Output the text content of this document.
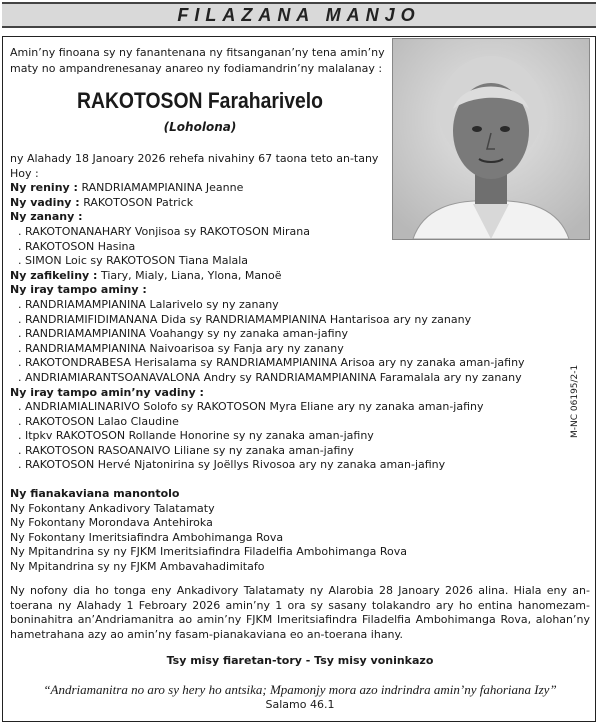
FILAZANA MANJO
Amin’ny finoana sy ny fanantenana ny fitsanganan’ny tena amin’ny maty no ampandrenesanay anareo ny fodiamandrin’ny malalanay :
RAKOTOSON Faraharivelo
(Loholona)
ny Alahady 18 Janoary 2026 rehefa nivahiny 67 taona teto an-tany
Hoy :
Ny reniny : RANDRIAMAMPIANINA Jeanne
Ny vadiny : RAKOTOSON Patrick
Ny zanany :
. RAKOTONANAHARY Vonjisoa sy RAKOTOSON Mirana
. RAKOTOSON Hasina
. SIMON Loic sy RAKOTOSON Tiana Malala
Ny zafikeliny : Tiary, Mialy, Liana, Ylona, Manoë
Ny iray tampo aminy :
. RANDRIAMAMPIANINA Lalarivelo sy ny zanany
. RANDRIAMIFIDIMANANA Dida sy RANDRIAMAMPIANINA Hantarisoa ary ny zanany
. RANDRIAMAMPIANINA Voahangy sy ny zanaka aman-jafiny
. RANDRIAMAMPIANINA Naivoarisoa sy Fanja ary ny zanany
. RAKOTONDRABESA Herisalama sy RANDRIAMAMPIANINA Arisoa ary ny zanaka aman-jafiny
. ANDRIAMIARANTSOANAVALONA Andry sy RANDRIAMAMPIANINA Faramalala ary ny zanany
Ny iray tampo amin’ny vadiny :
. ANDRIAMIALINARIVO Solofo sy RAKOTOSON Myra Eliane ary ny zanaka aman-jafiny
. RAKOTOSON Lalao Claudine
. Itpkv RAKOTOSON Rollande Honorine sy ny zanaka aman-jafiny
. RAKOTOSON RASOANAIVO Liliane sy ny zanaka aman-jafiny
. RAKOTOSON Hervé Njatonirina sy Joëllys Rivosoa ary ny zanaka aman-jafiny
Ny fianakaviana manontolo
Ny Fokontany Ankadivory Talatamaty
Ny Fokontany Morondava Antehiroka
Ny Fokontany Imeritsiafindra Ambohimanga Rova
Ny Mpitandrina sy ny FJKM Imeritsiafindra Filadelfia Ambohimanga Rova
Ny Mpitandrina sy ny FJKM Ambavahadimitafo
M-NC 06195/2-1
Ny nofony dia ho tonga eny Ankadivory Talatamaty ny Alarobia 28 Janoary 2026 alina. Hiala eny an-toerana ny Alahady 1 Febroary 2026 amin’ny 1 ora sy sasany tolakandro ary ho entina hanomezam-boninahitra an’Andriamanitra ao amin’ny FJKM Imeritsiafindra Filadelfia Ambohimanga Rova, alohan’ny hametrahana azy ao amin’ny fasam-pianakaviana eo an-toerana ihany.
Tsy misy fiaretan-tory - Tsy misy voninkazo
“Andriamanitra no aro sy hery ho antsika; Mpamonjy mora azo indrindra amin’ny fahoriana Izy”
Salamo 46.1
